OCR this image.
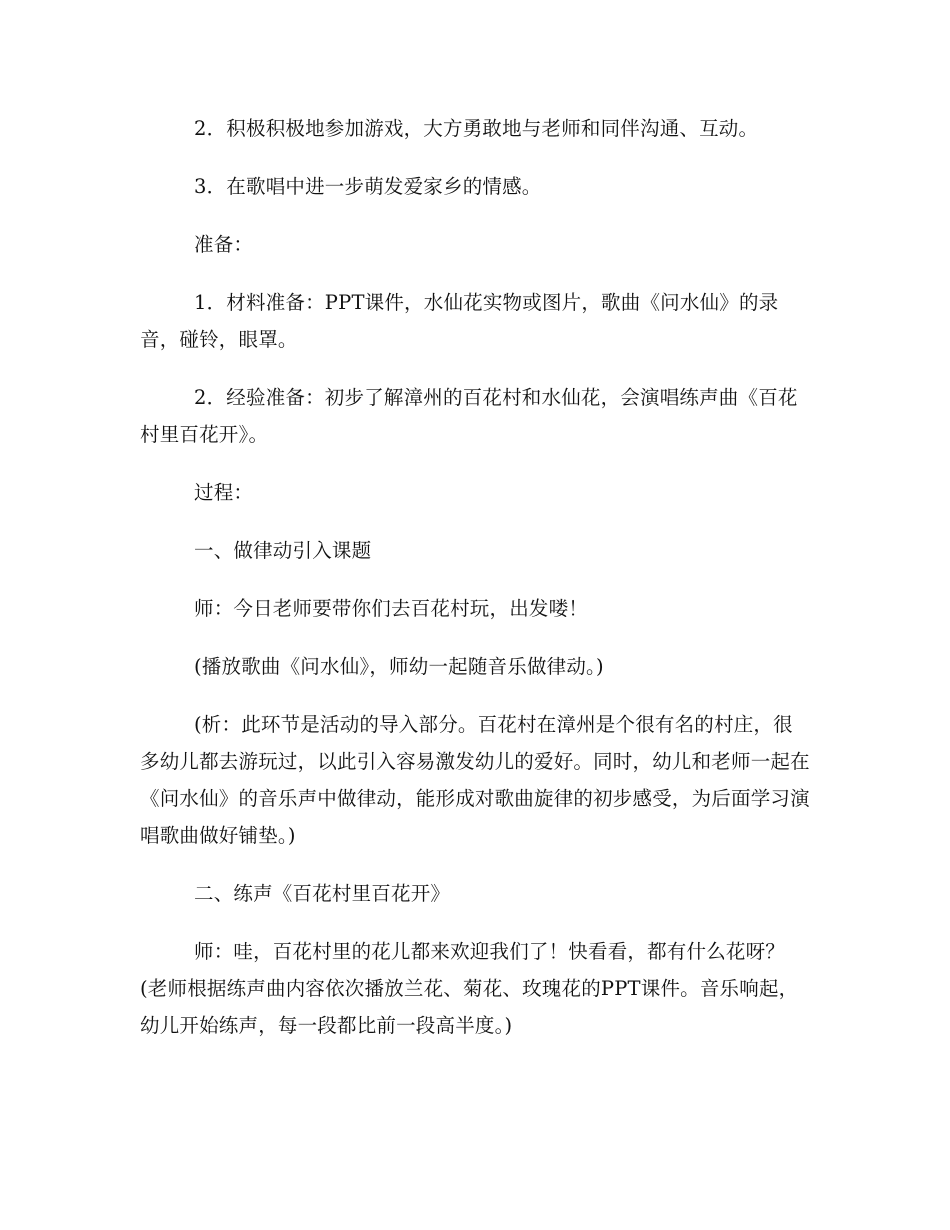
2．积极积极地参加游戏，大方勇敢地与老师和同伴沟通、互动。

3．在歌唱中进一步萌发爱家乡的情感。

准备：

1．材料准备：PPT课件，水仙花实物或图片，歌曲《问水仙》的录音，碰铃，眼罩。

2．经验准备：初步了解漳州的百花村和水仙花，会演唱练声曲《百花村里百花开》。

过程：

一、做律动引入课题

师：今日老师要带你们去百花村玩，出发喽！

(播放歌曲《问水仙》，师幼一起随音乐做律动。)

(析：此环节是活动的导入部分。百花村在漳州是个很有名的村庄，很多幼儿都去游玩过，以此引入容易激发幼儿的爱好。同时，幼儿和老师一起在《问水仙》的音乐声中做律动，能形成对歌曲旋律的初步感受，为后面学习演唱歌曲做好铺垫。)

二、练声《百花村里百花开》

师：哇，百花村里的花儿都来欢迎我们了！快看看，都有什么花呀？(老师根据练声曲内容依次播放兰花、菊花、玫瑰花的PPT课件。音乐响起，幼儿开始练声，每一段都比前一段高半度。)
